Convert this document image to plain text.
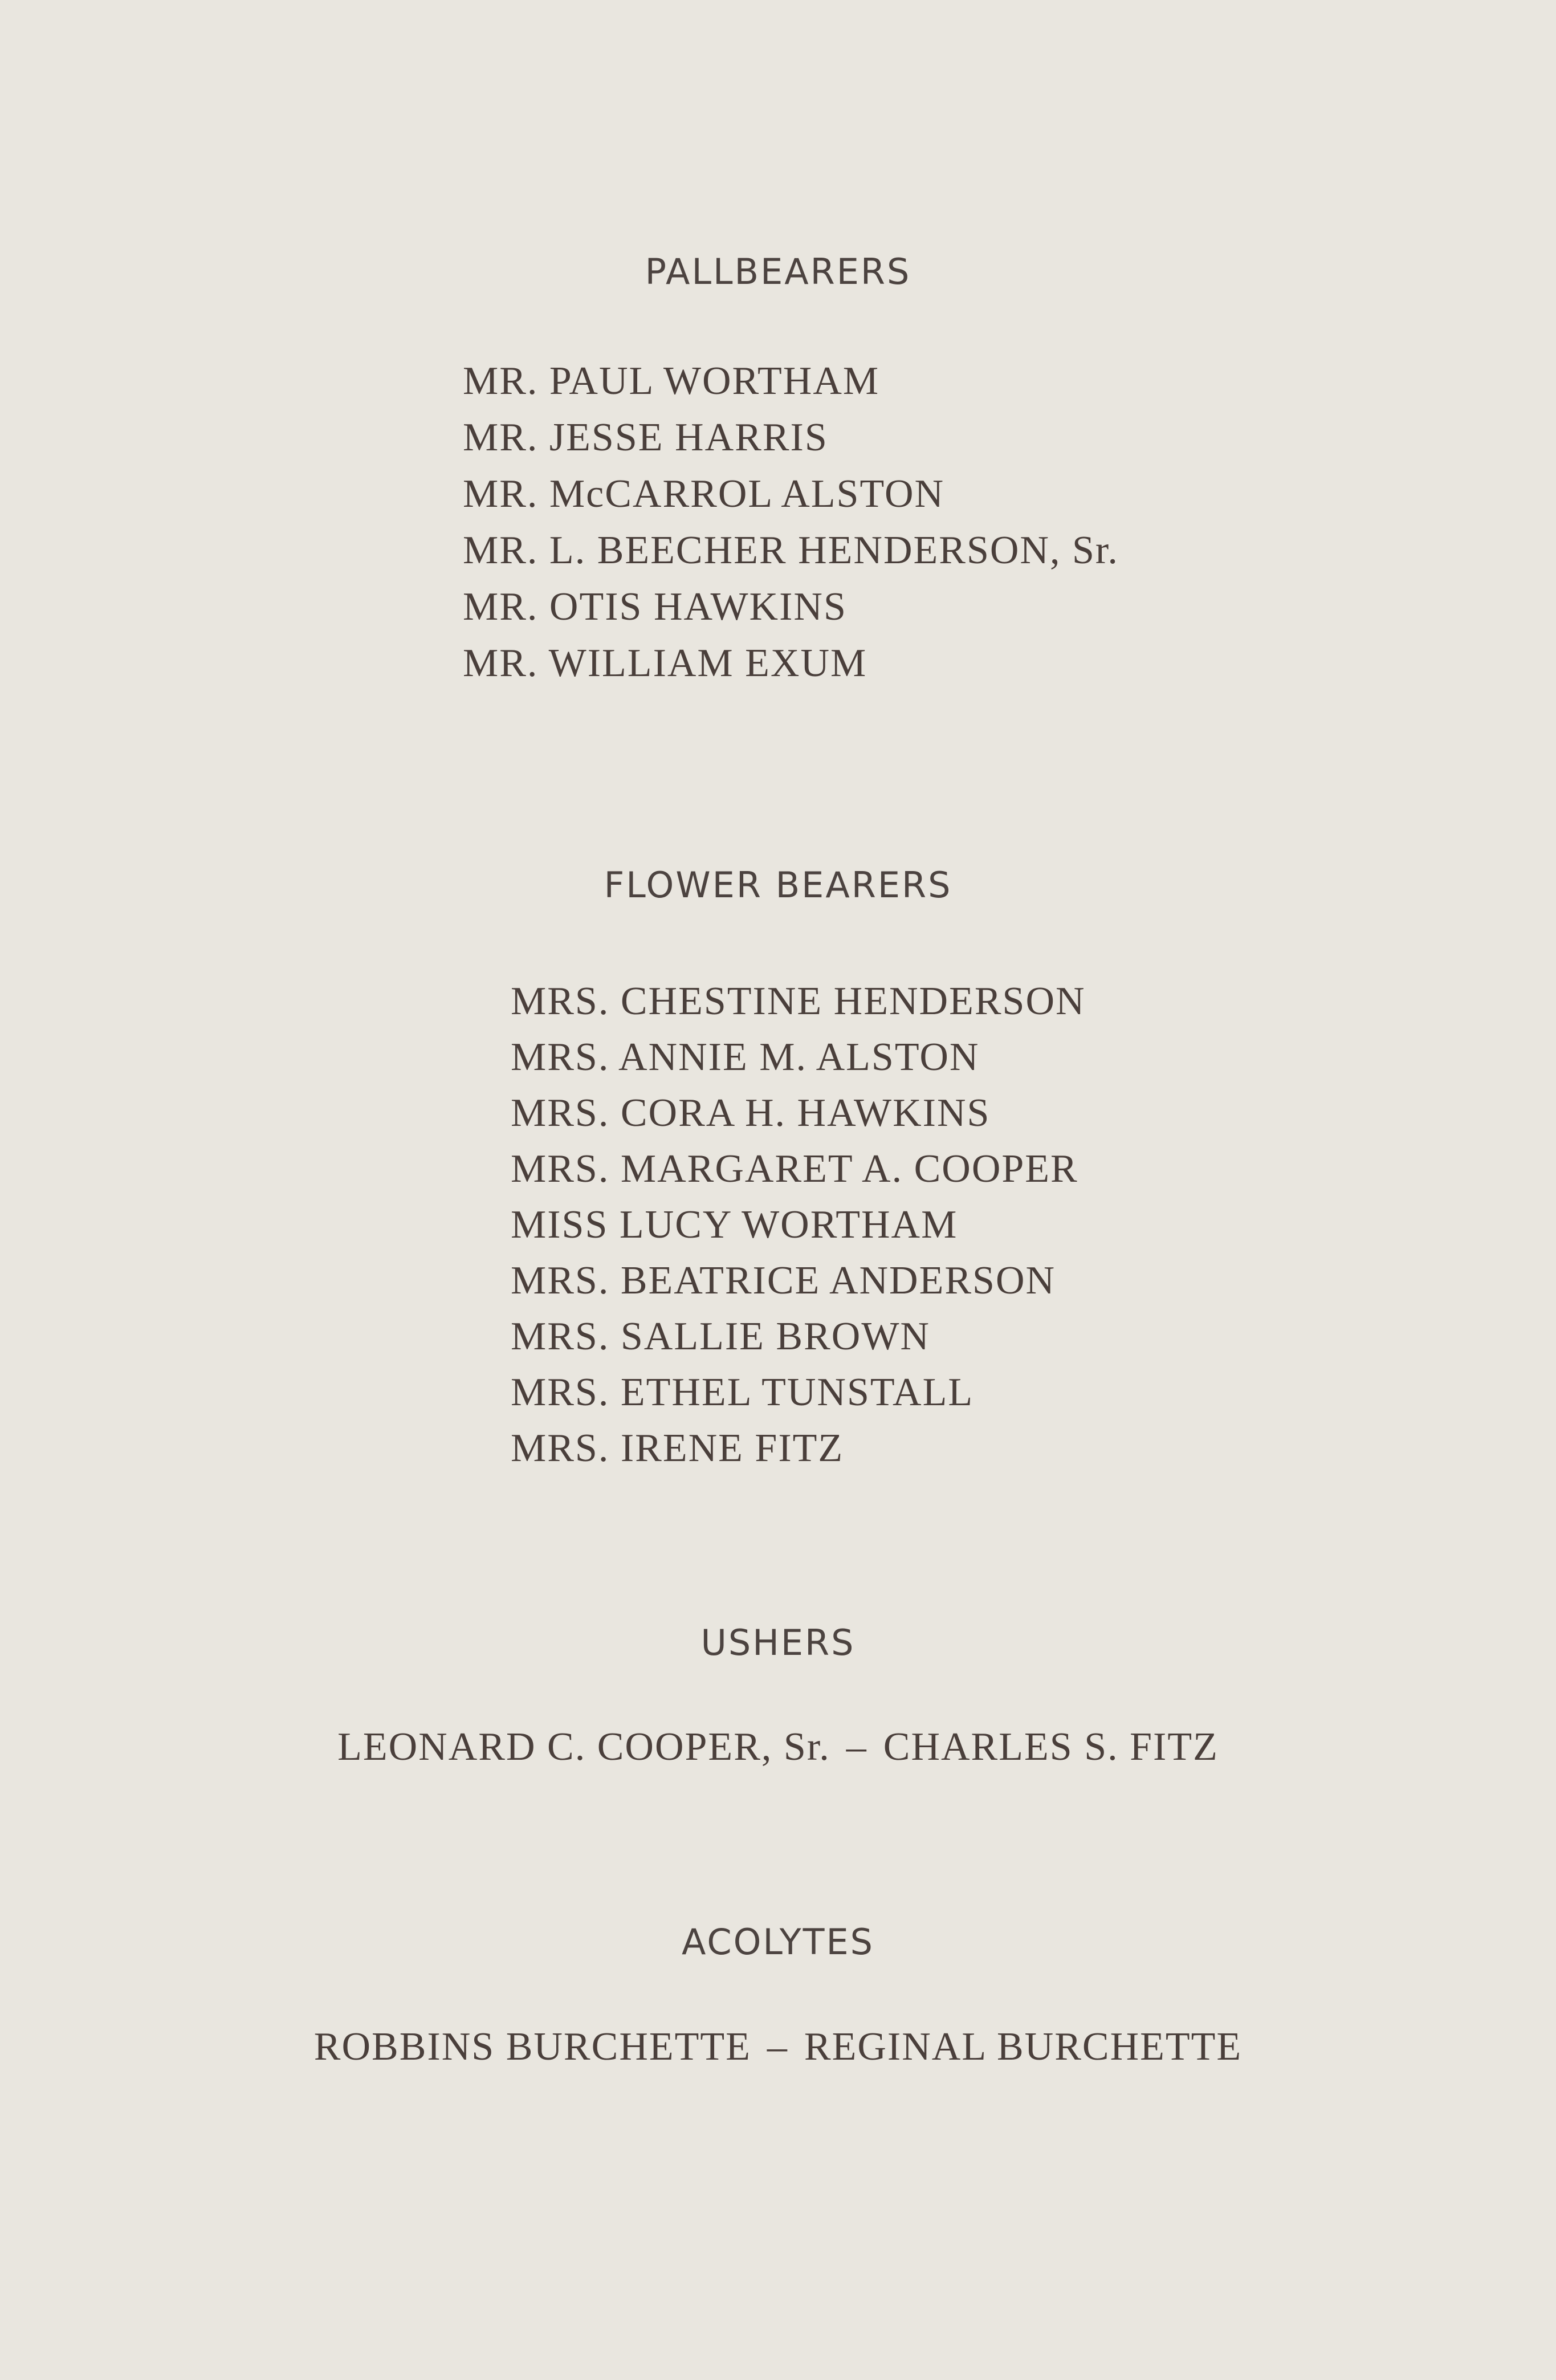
PALLBEARERS
MR. PAUL WORTHAM
MR. JESSE HARRIS
MR. McCARROL ALSTON
MR. L. BEECHER HENDERSON, Sr.
MR. OTIS HAWKINS
MR. WILLIAM EXUM
FLOWER BEARERS
MRS. CHESTINE HENDERSON
MRS. ANNIE M. ALSTON
MRS. CORA H. HAWKINS
MRS. MARGARET A. COOPER
MISS LUCY WORTHAM
MRS. BEATRICE ANDERSON
MRS. SALLIE BROWN
MRS. ETHEL TUNSTALL
MRS. IRENE FITZ
USHERS
LEONARD C. COOPER, Sr. – CHARLES S. FITZ
ACOLYTES
ROBBINS BURCHETTE – REGINAL BURCHETTE
